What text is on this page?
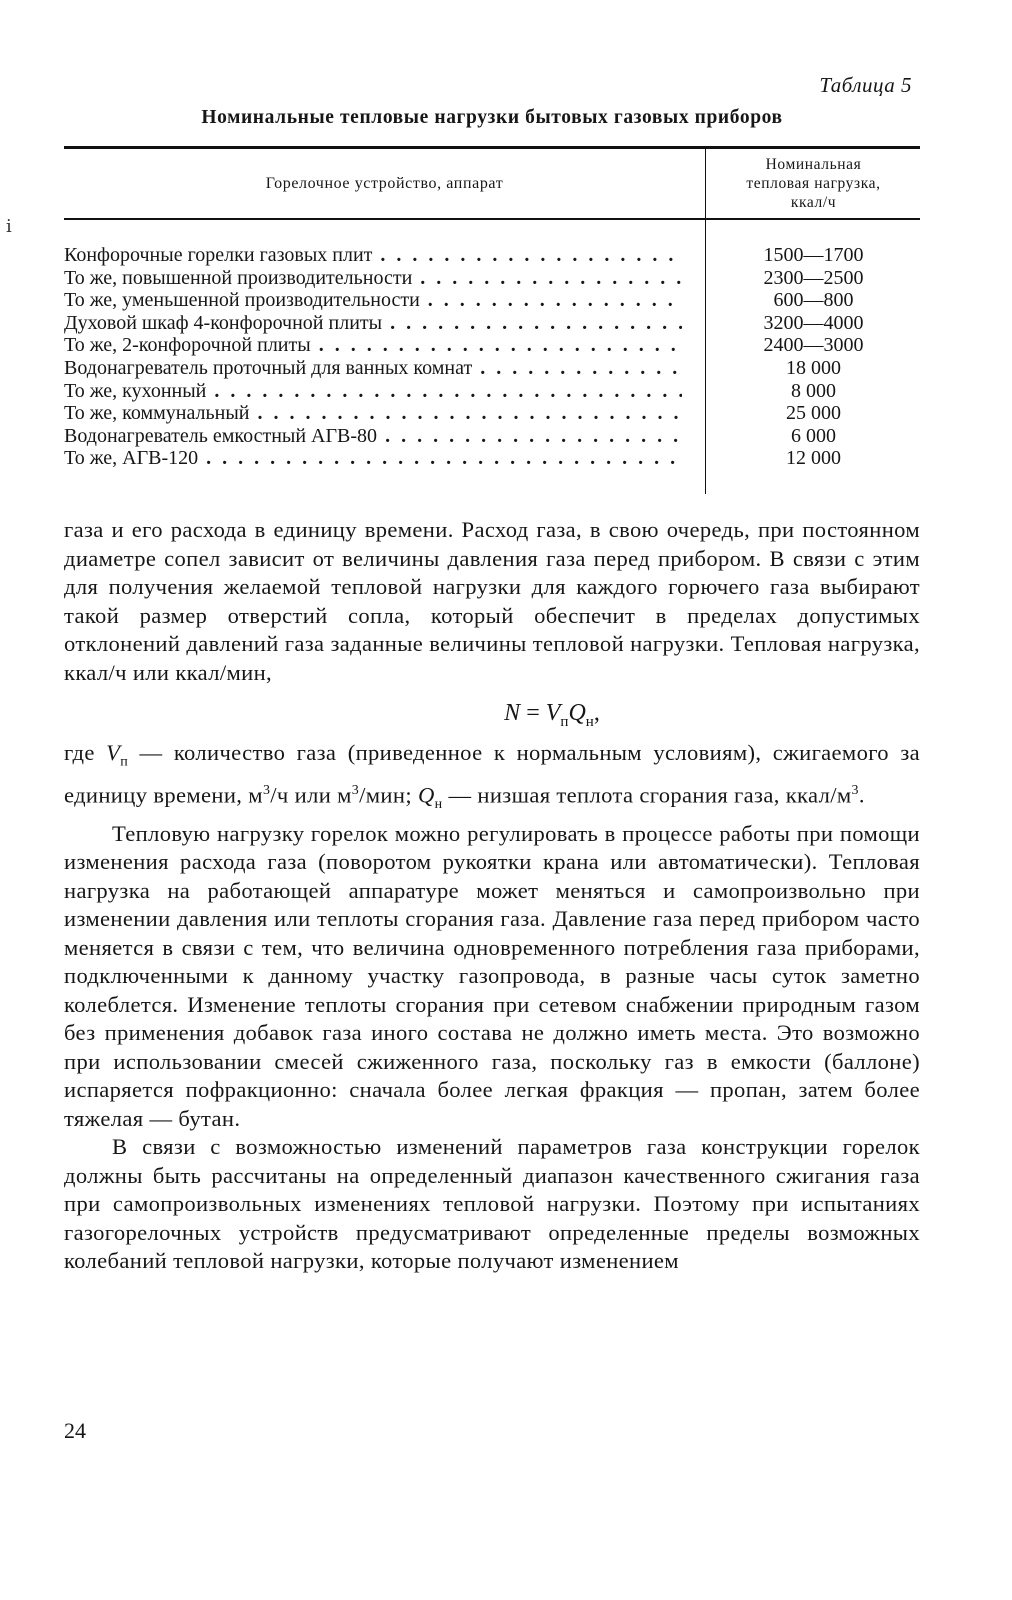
ⅰ
Таблица 5
Номинальные тепловые нагрузки бытовых газовых приборов
Горелочное устройство, аппарат
Номинальная
тепловая нагрузка,
ккал/ч
Конфорочные горелки газовых плит . . .	1500—1700
То же, повышенной производительности . . .	2300—2500
То же, уменьшенной производительности . . .	600—800
Духовой шкаф 4-конфорочной плиты . . .	3200—4000
То же, 2-конфорочной плиты . . .	2400—3000
Водонагреватель проточный для ванных комнат . . .	18 000
То же, кухонный . . .	8 000
То же, коммунальный . . .	25 000
Водонагреватель емкостный АГВ-80 . . .	6 000
То же, АГВ-120 . . .	12 000

газа и его расхода в единицу времени. Расход газа, в свою очередь, при постоянном диаметре сопел зависит от величины давления газа перед прибором. В связи с этим для получения желаемой тепловой нагрузки для каждого горючего газа выбирают такой размер отверстий сопла, который обеспечит в пределах допустимых отклонений давлений газа заданные величины тепловой нагрузки. Тепловая нагрузка, ккал/ч или ккал/мин,

$N = V_пQ_н$,

где $V_п$ — количество газа (приведенное к нормальным условиям), сжигаемого за единицу времени, $м^3/ч$ или $м^3$/мин; $Q_н$ — низшая теплота сгорания газа, ккал/$м^3$.

Тепловую нагрузку горелок можно регулировать в процессе работы при помощи изменения расхода газа (поворотом рукоятки крана или автоматически). Тепловая нагрузка на работающей аппаратуре может меняться и самопроизвольно при изменении давления или теплоты сгорания газа. Давление газа перед прибором часто меняется в связи с тем, что величина одновременного потребления газа приборами, подключенными к данному участку газопровода, в разные часы суток заметно колеблется. Изменение теплоты сгорания при сетевом снабжении природным газом без применения добавок газа иного состава не должно иметь места. Это возможно при использовании смесей сжиженного газа, поскольку газ в емкости (баллоне) испаряется пофракционно: сначала более легкая фракция — пропан, затем более тяжелая — бутан.

В связи с возможностью изменений параметров газа конструкции горелок должны быть рассчитаны на определенный диапазон качественного сжигания газа при самопроизвольных изменениях тепловой нагрузки. Поэтому при испытаниях газогорелочных устройств предусматривают определенные пределы возможных колебаний тепловой нагрузки, которые получают изменением

24
